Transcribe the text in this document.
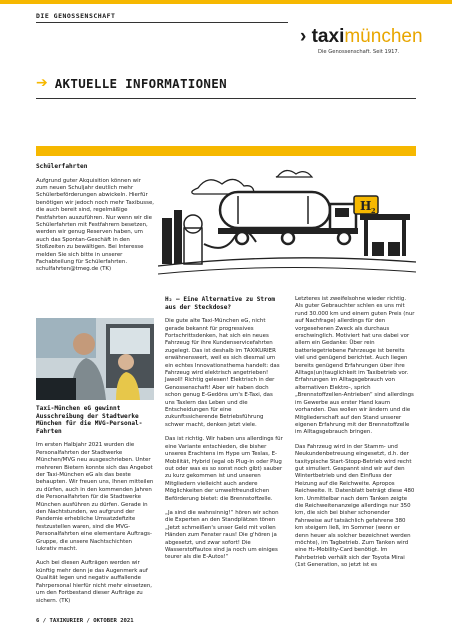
DIE GENOSSENSCHAFT
› taximünchen
Die Genossenschaft. Seit 1917.
➔ AKTUELLE INFORMATIONEN
H 2
Schülerfahrten

Aufgrund guter Akquisition können wir zum neuen Schuljahr deutlich mehr Schülerbeförderungen abwickeln. Hierfür benötigen wir jedoch noch mehr Taxibusse, die auch bereit sind, regelmäßige Festfahrten auszuführen. Nur wenn wir die Schülerfahrten mit Festfahrern besetzen, werden wir genug Reserven haben, um auch das Spontan-Geschäft in den Stoßzeiten zu bewältigen. Bei Interesse melden Sie sich bitte in unserer Fachabteilung für Schülerfahrten.

schulfahrten@tmeg.de (TK)

Taxi-München eG gewinnt Ausschreibung der Stadtwerke München für die MVG-Personal-Fahrten

Im ersten Halbjahr 2021 wurden die Personalfahrten der Stadtwerke München/MVG neu ausgeschrieben. Unter mehreren Bietern konnte sich das Angebot der Taxi-München eG als das beste behaupten. Wir freuen uns, Ihnen mitteilen zu dürfen, auch in den kommenden Jahren die Personalfahrten für die Stadtwerke München ausführen zu dürfen. Gerade in den Nachtstunden, wo aufgrund der Pandemie erhebliche Umsatzdefizite festzustellen waren, sind die MVG-Personalfahrten eine elementare Auftrags-Gruppe, die unsere Nachtschichten lukrativ macht.

Auch bei diesen Aufträgen werden wir künftig mehr denn je das Augenmerk auf Qualität legen und negativ auffallende Fahrpersonal hierfür nicht mehr einsetzen, um den Fortbestand dieser Aufträge zu sichern. (TK)

H₂ – Eine Alternative zu Strom aus der Steckdose?

Die gute alte Taxi-München eG, nicht gerade bekannt für progressives Fortschrittsdenken, hat sich ein neues Fahrzeug für ihre Kundenservicefahrten zugelegt. Das ist deshalb im TAXIKURIER erwähnenswert, weil es sich diesmal um ein echtes Innovationsthema handelt: das Fahrzeug wird elektrisch angetrieben! Jawoll! Richtig gelesen! Elektrisch in der Genossenschaft! Aber wir haben doch schon genug E-Gedöns um's E-Taxi, das uns Taxlern das Leben und die Entscheidungen für eine zukunftssicherende Betriebsführung schwer macht, denken jetzt viele.

Das ist richtig. Wir haben uns allerdings für eine Variante entschieden, die bisher unseres Erachtens im Hype um Teslas, E-Mobilität, Hybrid (egal ob Plug-in oder Plug out oder was es so sonst noch gibt) sauber zu kurz gekommen ist und unseren Mitgliedern vielleicht auch andere Möglichkeiten der umweltfreundlichen Beförderung bietet: die Brennstoffzelle.

„Ja sind die wahnsinnig!“ hören wir schon die Experten an den Standplätzen tönen „Jetzt schmeißen's unser Geld mit vollen Händen zum Fenster raus! Die g'hören ja abgesetzt, und zwar sofort! Die Wasserstoffautos sind ja noch um einiges teurer als die E-Autos!“

Letzteres ist zweifelsohne wieder richtig. Als guter Gebrauchter schlen es uns mit rund 30.000 km und einem guten Preis (nur auf Nachfrage) allerdings für den vorgesehenen Zweck als durchaus erschwinglich. Motiviert hat uns dabei vor allem ein Gedanke: Über rein batteriegetriebene Fahrzeuge ist bereits viel und genügend berichtet. Auch liegen bereits genügend Erfahrungen über ihre Alltags(un)tauglichkeit im Taxibetrieb vor. Erfahrungen im Alltagsgebrauch von alternativen Elektro-, sprich „Brennstoffzellen-Antrieben“ sind allerdings im Gewerbe aus erster Hand kaum vorhanden. Das wollen wir ändern und die Mitgliederschaft auf den Stand unserer eigenen Erfahrung mit der Brennstoffzelle im Alltagsgebrauch bringen.

Das Fahrzeug wird in der Stamm- und Neukundenbetreuung eingesetzt, d.h. der taxitypische Start-Stopp-Betrieb wird recht gut simuliert. Gespannt sind wir auf den Wintertbetrieb und den Einfluss der Heizung auf die Reichweite. Apropos Reichweite. It. Datenblatt beträgt diese 480 km. Unmittelbar nach dem Tanken zeigte die Reichweitenanzeige allerdings nur 350 km, die sich bei bisher schonender Fahrweise auf tatsächlich gefahrene 380 km steigern ließ, im Sommer (wenn er denn heuer als solcher bezeichnet werden möchte), im Tagbetrieb. Zum Tanken wird eine H₂-Mobility-Card benötigt. Im Fahrbetrieb verhält sich der Toyota Mirai (1st Generation, so jetzt ist es

6 / TAXIKURIER / OKTOBER 2021
